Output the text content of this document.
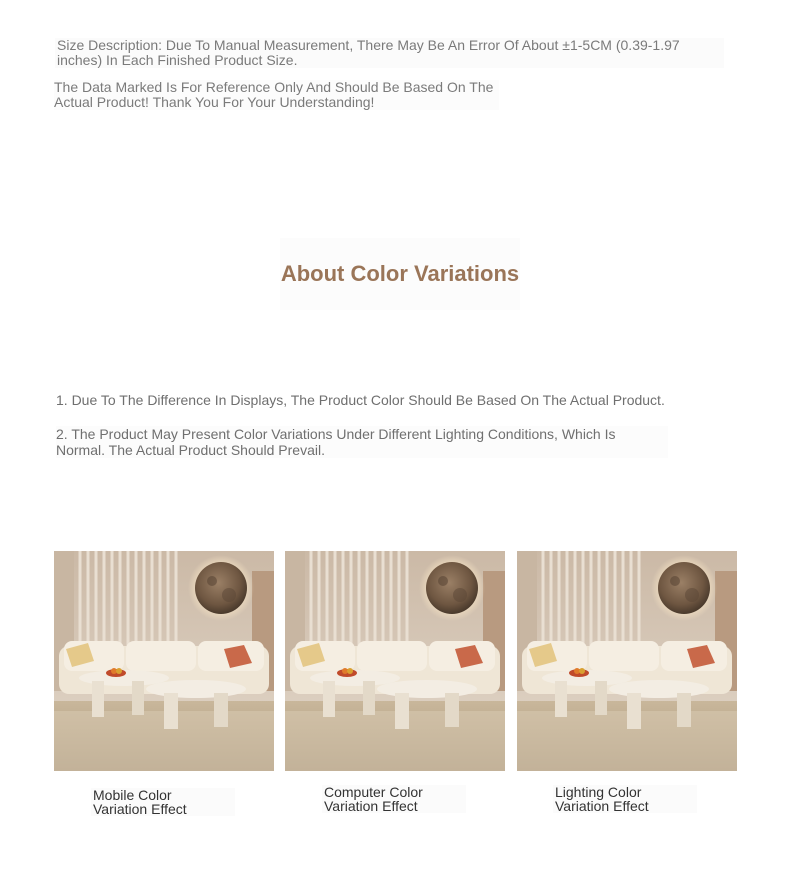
Size Description: Due To Manual Measurement, There May Be An Error Of About ±1-5CM (0.39-1.97 inches) In Each Finished Product Size.

The Data Marked Is For Reference Only And Should Be Based On The Actual Product! Thank You For Your Understanding!

About Color Variations

1. Due To The Difference In Displays, The Product Color Should Be Based On The Actual Product.

2. The Product May Present Color Variations Under Different Lighting Conditions, Which Is Normal. The Actual Product Should Prevail.

Mobile Color
Variation Effect

Computer Color
Variation Effect

Lighting Color
Variation Effect
